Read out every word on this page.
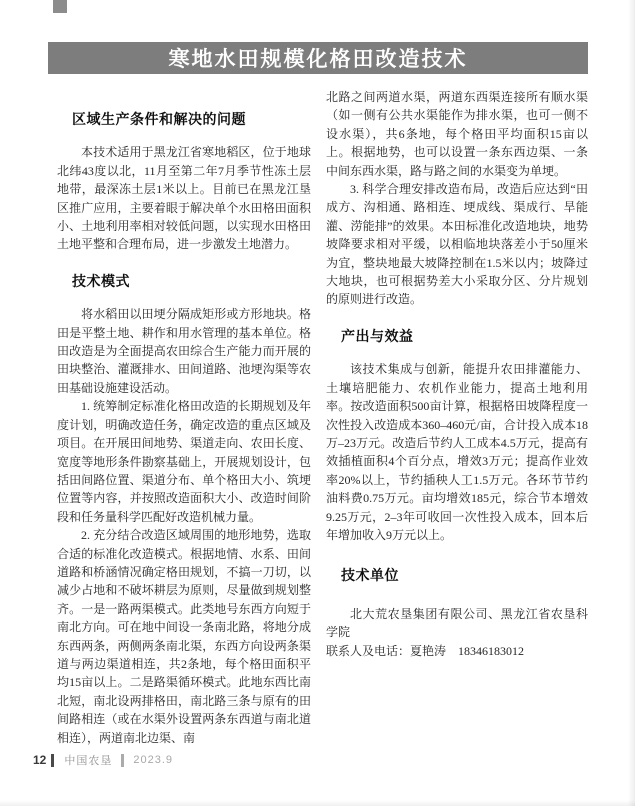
寒地水田规模化格田改造技术
区域生产条件和解决的问题

本技术适用于黑龙江省寒地稻区，位于地球北纬43度以北，11月至第二年7月季节性冻土层地带，最深冻土层1米以上。目前已在黑龙江垦区推广应用，主要着眼于解决单个水田格田面积小、土地利用率相对较低问题，以实现水田格田土地平整和合理布局，进一步激发土地潜力。

技术模式

将水稻田以田埂分隔成矩形或方形地块。格田是平整土地、耕作和用水管理的基本单位。格田改造是为全面提高农田综合生产能力而开展的田块整治、灌溉排水、田间道路、池埂沟渠等农田基础设施建设活动。

1. 统筹制定标准化格田改造的长期规划及年度计划，明确改造任务，确定改造的重点区域及项目。在开展田间地势、渠道走向、农田长度、宽度等地形条件勘察基础上，开展规划设计，包括田间路位置、渠道分布、单个格田大小、筑埂位置等内容，并按照改造面积大小、改造时间阶段和任务量科学匹配好改造机械力量。

2. 充分结合改造区域周围的地形地势，选取合适的标准化改造模式。根据地情、水系、田间道路和桥涵情况确定格田规划，不搞一刀切，以减少占地和不破坏耕层为原则，尽量做到规划整齐。一是一路两渠模式。此类地号东西方向短于南北方向。可在地中间设一条南北路，将地分成东西两条，两侧两条南北渠，东西方向设两条渠道与两边渠道相连，共2条地，每个格田面积平均15亩以上。二是路渠循环模式。此地东西比南北短，南北设两排格田，南北路三条与原有的田间路相连（或在水渠外设置两条东西道与南北道相连），两道南北边渠、南

北路之间两道水渠，两道东西渠连接所有顺水渠（如一侧有公共水渠能作为排水渠，也可一侧不设水渠），共6条地，每个格田平均面积15亩以上。根据地势，也可以设置一条东西边渠、一条中间东西水渠，路与路之间的水渠变为单埂。

3. 科学合理安排改造布局，改造后应达到“田成方、沟相通、路相连、埂成线、渠成行、旱能灌、涝能排”的效果。本田标准化改造地块，地势坡降要求相对平缓，以相临地块落差小于50厘米为宜，整块地最大坡降控制在1.5米以内；坡降过大地块，也可根据势差大小采取分区、分片规划的原则进行改造。

产出与效益

该技术集成与创新，能提升农田排灌能力、土壤培肥能力、农机作业能力，提高土地利用率。按改造面积500亩计算，根据格田坡降程度一次性投入改造成本360–460元/亩，合计投入成本18万–23万元。改造后节约人工成本4.5万元，提高有效插植面积4个百分点，增效3万元；提高作业效率20%以上，节约插秧人工1.5万元。各环节节约油料费0.75万元。亩均增效185元，综合节本增效9.25万元，2–3年可收回一次性投入成本，回本后年增加收入9万元以上。

技术单位

北大荒农垦集团有限公司、黑龙江省农垦科学院

联系人及电话：夏艳涛　18346183012

12 中国农垦 2023.9
